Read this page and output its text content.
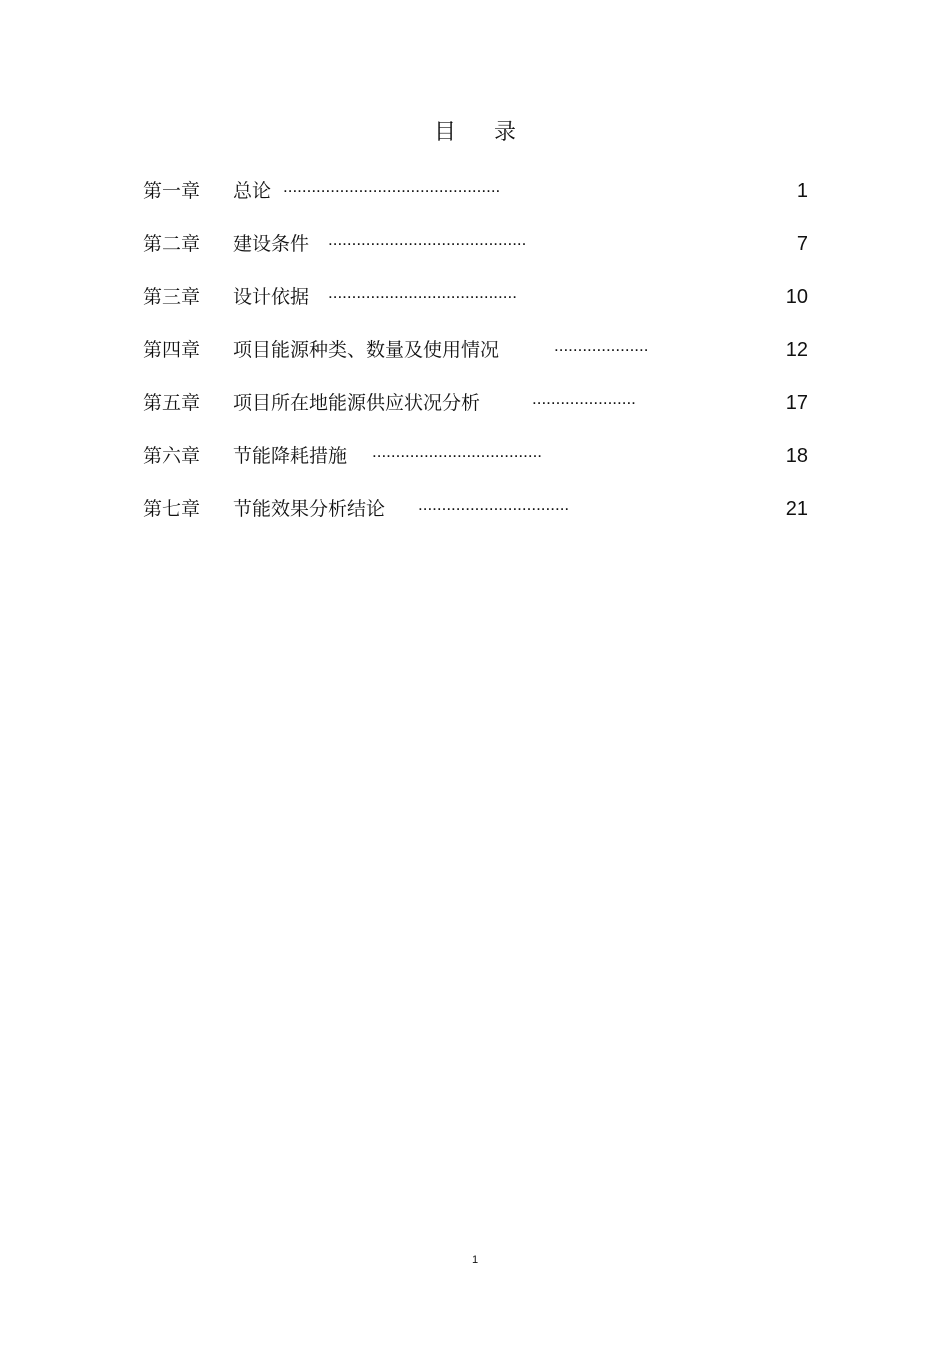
目 录
第一章 总论 ..............................................	1
第二章 建设条件 ..........................................	7
第三章 设计依据 ........................................	10
第四章 项目能源种类、数量及使用情况	....................	12
第五章 项目所在地能源供应状况分析	......................	17
第六章 节能降耗措施 ....................................	18
第七章 节能效果分析结论 ................................	21
1
